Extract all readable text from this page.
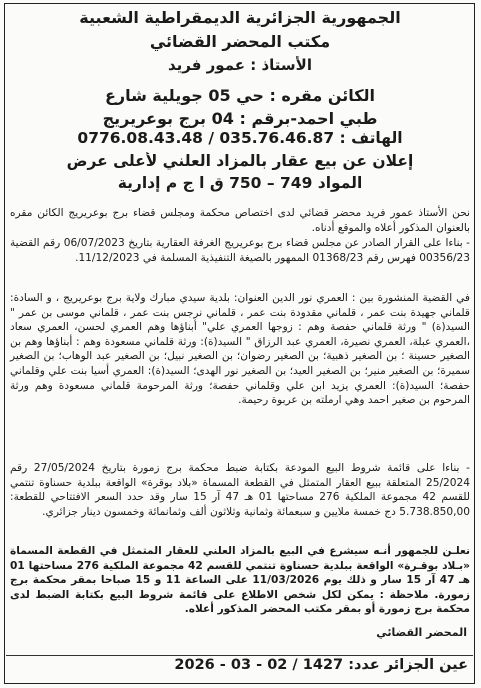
الجمهورية الجزائرية الديمقراطية الشعبية
مكتب المحضر القضائي
الأستاذ : عمور فريد
الكائن مقره : حي 05 جويلية شارع
طبي احمد-برقم : 04 برج بوعريريج
الهاتف : 035.76.46.87 / 0776.08.43.48
إعلان عن بيع عقار بالمزاد العلني لأعلى عرض
المواد 749 – 750 ق ا ج م إدارية
نحن الأستاذ عمور فريد محضر قضائي لدى اختصاص محكمة ومجلس قضاء برج بوعريريج الكائن مقره بالعنوان المذكور أعلاه والموقع أدناه.
- بناءا على القرار الصادر عن مجلس قضاء برج بوعريريج الغرفة العقارية بتاريخ 06/07/2023 رقم القضية 00356/23 فهرس رقم 01368/23 الممهور بالصيغة التنفيذية المسلمة في 11/12/2023.
في القضية المنشورة بين : العمري نور الدين العنوان: بلدية سيدي مبارك ولاية برج بوعريريج ، و السادة: قلماني جهيدة بنت عمر ، قلماني مقدودة بنت عمر ، قلماني نرجس بنت عمر ، قلماني موسى بن عمر " السيد(ة) " ورثة قلماني حفصة وهم : زوجها العمري علي" أبناؤها وهم العمري لحسن، العمري سعاد ،العمري عبلة، العمري نصيرة، العمري عبد الرزاق " السيد(ة): ورثة قلماني مسعودة وهم : أبناؤها وهم بن الصغير حسينة ؛ بن الصغير ذهبية؛ بن الصغير رضوان؛ بن الصغير نبيل؛ بن الصغير عبد الوهاب؛ بن الصغير سميرة؛ بن الصغير منير؛ بن الصغير العيد؛ بن الصغير نور الهدى؛ السيد(ة): العمري أسيا بنت علي وقلماني حفصة؛ السيد(ة): العمري يزيد ابن علي وقلماني حفصة؛ ورثة المرحومة قلماني مسعودة وهم ورثة المرحوم بن صغير احمد وهي ارملته بن عربوة رحيمة.
- بناءا على قائمة شروط البيع المودعة بكتابة ضبط محكمة برج زمورة بتاريخ 27/05/2024 رقم 25/2024 المتعلقة ببيع العقار المتمثل في القطعة المسماة «بلاد بوقرة» الواقعة ببلدية حسناوة تنتمي للقسم 42 مجموعة الملكية 276 مساحتها 01 هـ 47 آر 15 سار وقد حدد السعر الافتتاحي للقطعة: 5.738.850,00 دج خمسة ملايين و سبعمائة وثمانية وثلاثون ألف وثمانمائة وخمسون دينار جزائري.
نعلـن للجمهور أنـه سيشرع في البيع بالمزاد العلني للعقار المتمثل في القطعة المسماة «بـلاد بوقـرة» الواقعة ببلدية حسناوة تنتمي للقسم 42 مجموعة الملكية 276 مساحتها 01 هـ 47 آر 15 سار و ذلك يوم 11/03/2026 على الساعة 11 و 15 صباحا بمقر محكمة برج زمورة. ملاحظة : يمكن لكل شخص الاطلاع على قائمة شروط البيع بكتابة الضبط لدى محكمة برج زمورة أو بمقر مكتب المحضر المذكور أعلاه.
المحضر القضائي
عين الجزائر عدد: 1427 / 02 - 03 - 2026
